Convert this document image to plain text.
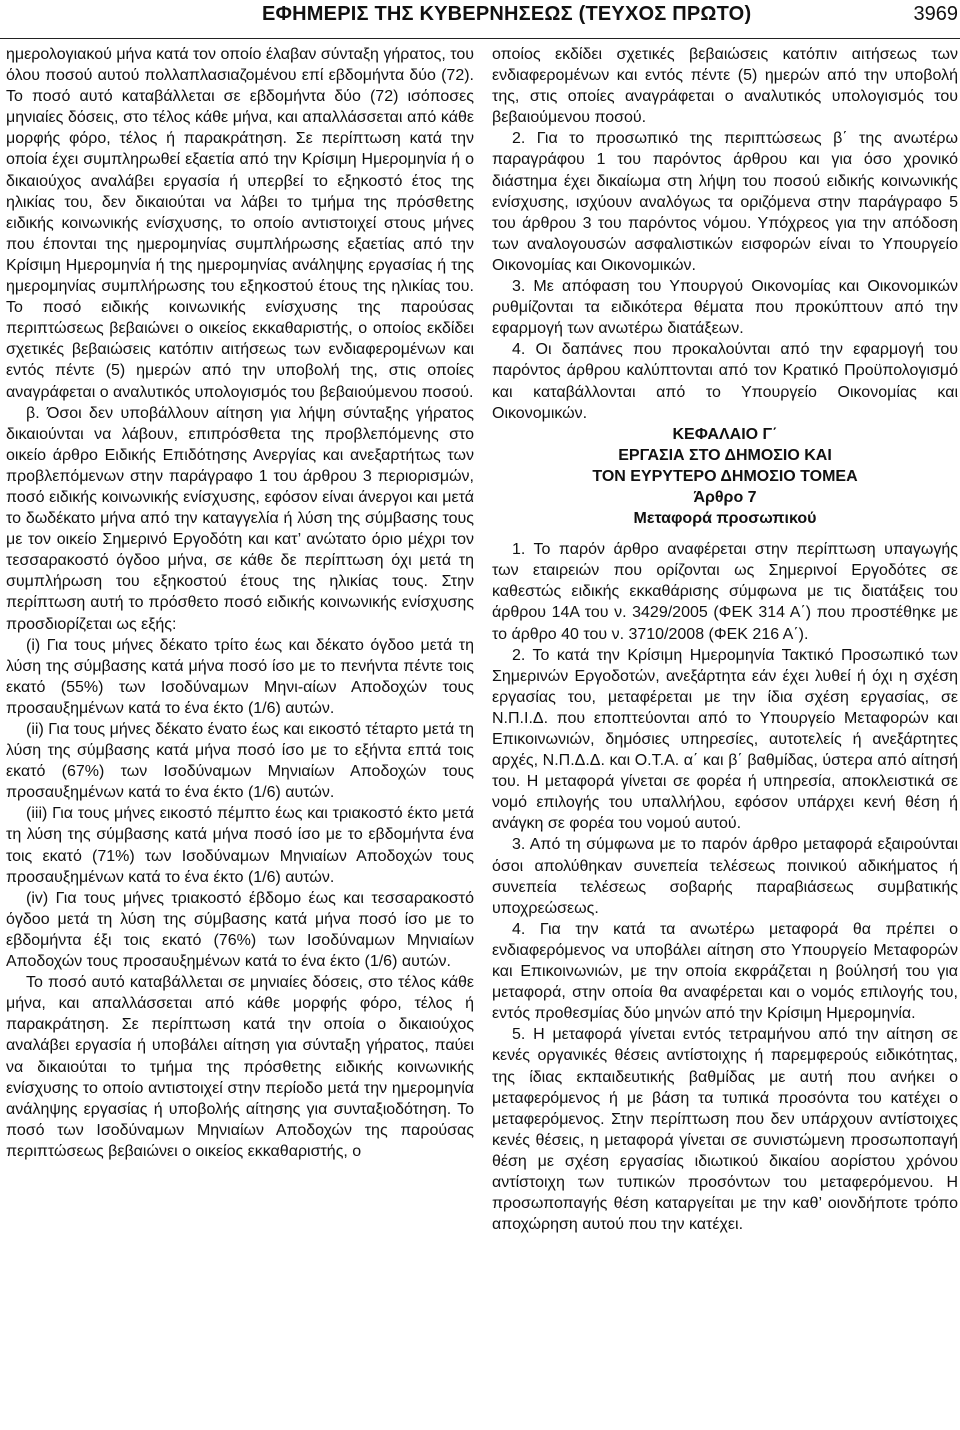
ΕΦΗΜΕΡΙΣ ΤΗΣ ΚΥΒΕΡΝΗΣΕΩΣ (ΤΕΥΧΟΣ ΠΡΩΤΟ)	3969

ημερολογιακού μήνα κατά τον οποίο έλαβαν σύνταξη γήρατος, του όλου ποσού αυτού πολλαπλασιαζομένου επί εβδομήντα δύο (72). Το ποσό αυτό καταβάλλεται σε εβδομήντα δύο (72) ισόποσες μηνιαίες δόσεις, στο τέλος κάθε μήνα, και απαλλάσσεται από κάθε μορφής φόρο, τέλος ή παρακράτηση. Σε περίπτωση κατά την οποία έχει συμπληρωθεί εξαετία από την Κρίσιμη Ημερομηνία ή ο δικαιούχος αναλάβει εργασία ή υπερβεί το εξηκοστό έτος της ηλικίας του, δεν δικαιούται να λάβει το τμήμα της πρόσθετης ειδικής κοινωνικής ενίσχυσης, το οποίο αντιστοιχεί στους μήνες που έπονται της ημερομηνίας συμπλήρωσης εξαετίας από την Κρίσιμη Ημερομηνία ή της ημερομηνίας ανάληψης εργασίας ή της ημερομηνίας συμπλήρωσης του εξηκοστού έτους της ηλικίας του. Το ποσό ειδικής κοινωνικής ενίσχυσης της παρούσας περιπτώσεως βεβαιώνει ο οικείος εκκαθαριστής, ο οποίος εκδίδει σχετικές βεβαιώσεις κατόπιν αιτήσεως των ενδιαφερομένων και εντός πέντε (5) ημερών από την υποβολή της, στις οποίες αναγράφεται ο αναλυτικός υπολογισμός του βεβαιούμενου ποσού.

β. Όσοι δεν υποβάλλουν αίτηση για λήψη σύνταξης γήρατος δικαιούνται να λάβουν, επιπρόσθετα της προβλεπόμενης στο οικείο άρθρο Ειδικής Επιδότησης Ανεργίας και ανεξαρτήτως των προβλεπόμενων στην παράγραφο 1 του άρθρου 3 περιορισμών, ποσό ειδικής κοινωνικής ενίσχυσης, εφόσον είναι άνεργοι και μετά το δωδέκατο μήνα από την καταγγελία ή λύση της σύμβασης τους με τον οικείο Σημερινό Εργοδότη και κατ’ ανώτατο όριο μέχρι τον τεσσαρακοστό όγδοο μήνα, σε κάθε δε περίπτωση όχι μετά τη συμπλήρωση του εξηκοστού έτους της ηλικίας τους. Στην περίπτωση αυτή το πρόσθετο ποσό ειδικής κοινωνικής ενίσχυσης προσδιορίζεται ως εξής:

(i) Για τους μήνες δέκατο τρίτο έως και δέκατο όγδοο μετά τη λύση της σύμβασης κατά μήνα ποσό ίσο με το πενήντα πέντε τοις εκατό (55%) των Ισοδύναμων Μηνι-αίων Αποδοχών τους προσαυξημένων κατά το ένα έκτο (1/6) αυτών.

(ii) Για τους μήνες δέκατο ένατο έως και εικοστό τέταρτο μετά τη λύση της σύμβασης κατά μήνα ποσό ίσο με το εξήντα επτά τοις εκατό (67%) των Ισοδύναμων Μηνιαίων Αποδοχών τους προσαυξημένων κατά το ένα έκτο (1/6) αυτών.

(iii) Για τους μήνες εικοστό πέμπτο έως και τριακοστό έκτο μετά τη λύση της σύμβασης κατά μήνα ποσό ίσο με το εβδομήντα ένα τοις εκατό (71%) των Ισοδύναμων Μηνιαίων Αποδοχών τους προσαυξημένων κατά το ένα έκτο (1/6) αυτών.

(iv) Για τους μήνες τριακοστό έβδομο έως και τεσσαρακοστό όγδοο μετά τη λύση της σύμβασης κατά μήνα ποσό ίσο με το εβδομήντα έξι τοις εκατό (76%) των Ισοδύναμων Μηνιαίων Αποδοχών τους προσαυξημένων κατά το ένα έκτο (1/6) αυτών.

Το ποσό αυτό καταβάλλεται σε μηνιαίες δόσεις, στο τέλος κάθε μήνα, και απαλλάσσεται από κάθε μορφής φόρο, τέλος ή παρακράτηση. Σε περίπτωση κατά την οποία ο δικαιούχος αναλάβει εργασία ή υποβάλει αίτηση για σύνταξη γήρατος, παύει να δικαιούται το τμήμα της πρόσθετης ειδικής κοινωνικής ενίσχυσης το οποίο αντιστοιχεί στην περίοδο μετά την ημερομηνία ανάληψης εργασίας ή υποβολής αίτησης για συνταξιοδότηση. Το ποσό των Ισοδύναμων Μηνιαίων Αποδοχών της παρούσας περιπτώσεως βεβαιώνει ο οικείος εκκαθαριστής, ο

οποίος εκδίδει σχετικές βεβαιώσεις κατόπιν αιτήσεως των ενδιαφερομένων και εντός πέντε (5) ημερών από την υποβολή της, στις οποίες αναγράφεται ο αναλυτικός υπολογισμός του βεβαιούμενου ποσού.

2. Για το προσωπικό της περιπτώσεως β΄ της ανωτέρω παραγράφου 1 του παρόντος άρθρου και για όσο χρονικό διάστημα έχει δικαίωμα στη λήψη του ποσού ειδικής κοινωνικής ενίσχυσης, ισχύουν αναλόγως τα οριζόμενα στην παράγραφο 5 του άρθρου 3 του παρόντος νόμου. Υπόχρεος για την απόδοση των αναλογουσών ασφαλιστικών εισφορών είναι το Υπουργείο Οικονομίας και Οικονομικών.

3. Με απόφαση του Υπουργού Οικονομίας και Οικονομικών ρυθμίζονται τα ειδικότερα θέματα που προκύπτουν από την εφαρμογή των ανωτέρω διατάξεων.

4. Οι δαπάνες που προκαλούνται από την εφαρμογή του παρόντος άρθρου καλύπτονται από τον Κρατικό Προϋπολογισμό και καταβάλλονται από το Υπουργείο Οικονομίας και Οικονομικών.

ΚΕΦΑΛΑΙΟ Γ΄

ΕΡΓΑΣΙΑ ΣΤΟ ΔΗΜΟΣΙΟ ΚΑΙ

ΤΟΝ ΕΥΡΥΤΕΡΟ ΔΗΜΟΣΙΟ ΤΟΜΕΑ

Άρθρο 7

Μεταφορά προσωπικού

1. Το παρόν άρθρο αναφέρεται στην περίπτωση υπαγωγής των εταιρειών που ορίζονται ως Σημερινοί Εργοδότες σε καθεστώς ειδικής εκκαθάρισης σύμφωνα με τις διατάξεις του άρθρου 14Α του ν. 3429/2005 (ΦΕΚ 314 Α΄) που προστέθηκε με το άρθρο 40 του ν. 3710/2008 (ΦΕΚ 216 Α΄).

2. Το κατά την Κρίσιμη Ημερομηνία Τακτικό Προσωπικό των Σημερινών Εργοδοτών, ανεξάρτητα εάν έχει λυθεί ή όχι η σχέση εργασίας του, μεταφέρεται με την ίδια σχέση εργασίας, σε Ν.Π.Ι.Δ. που εποπτεύονται από το Υπουργείο Μεταφορών και Επικοινωνιών, δημόσιες υπηρεσίες, αυτοτελείς ή ανεξάρτητες αρχές, Ν.Π.Δ.Δ. και Ο.Τ.Α. α΄ και β΄ βαθμίδας, ύστερα από αίτησή του. Η μεταφορά γίνεται σε φορέα ή υπηρεσία, αποκλειστικά σε νομό επιλογής του υπαλλήλου, εφόσον υπάρχει κενή θέση ή ανάγκη σε φορέα του νομού αυτού.

3. Από τη σύμφωνα με το παρόν άρθρο μεταφορά εξαιρούνται όσοι απολύθηκαν συνεπεία τελέσεως ποινικού αδικήματος ή συνεπεία τελέσεως σοβαρής παραβιάσεως συμβατικής υποχρεώσεως.

4. Για την κατά τα ανωτέρω μεταφορά θα πρέπει ο ενδιαφερόμενος να υποβάλει αίτηση στο Υπουργείο Μεταφορών και Επικοινωνιών, με την οποία εκφράζεται η βούλησή του για μεταφορά, στην οποία θα αναφέρεται και ο νομός επιλογής του, εντός προθεσμίας δύο μηνών από την Κρίσιμη Ημερομηνία.

5. Η μεταφορά γίνεται εντός τετραμήνου από την αίτηση σε κενές οργανικές θέσεις αντίστοιχης ή παρεμφερούς ειδικότητας, της ίδιας εκπαιδευτικής βαθμίδας με αυτή που ανήκει ο μεταφερόμενος ή με βάση τα τυπικά προσόντα του κατέχει ο μεταφερόμενος. Στην περίπτωση που δεν υπάρχουν αντίστοιχες κενές θέσεις, η μεταφορά γίνεται σε συνιστώμενη προσωποπαγή θέση με σχέση εργασίας ιδιωτικού δικαίου αορίστου χρόνου αντίστοιχη των τυπικών προσόντων του μεταφερόμενου. Η προσωποπαγής θέση καταργείται με την καθ’ οιονδήποτε τρόπο αποχώρηση αυτού που την κατέχει.
